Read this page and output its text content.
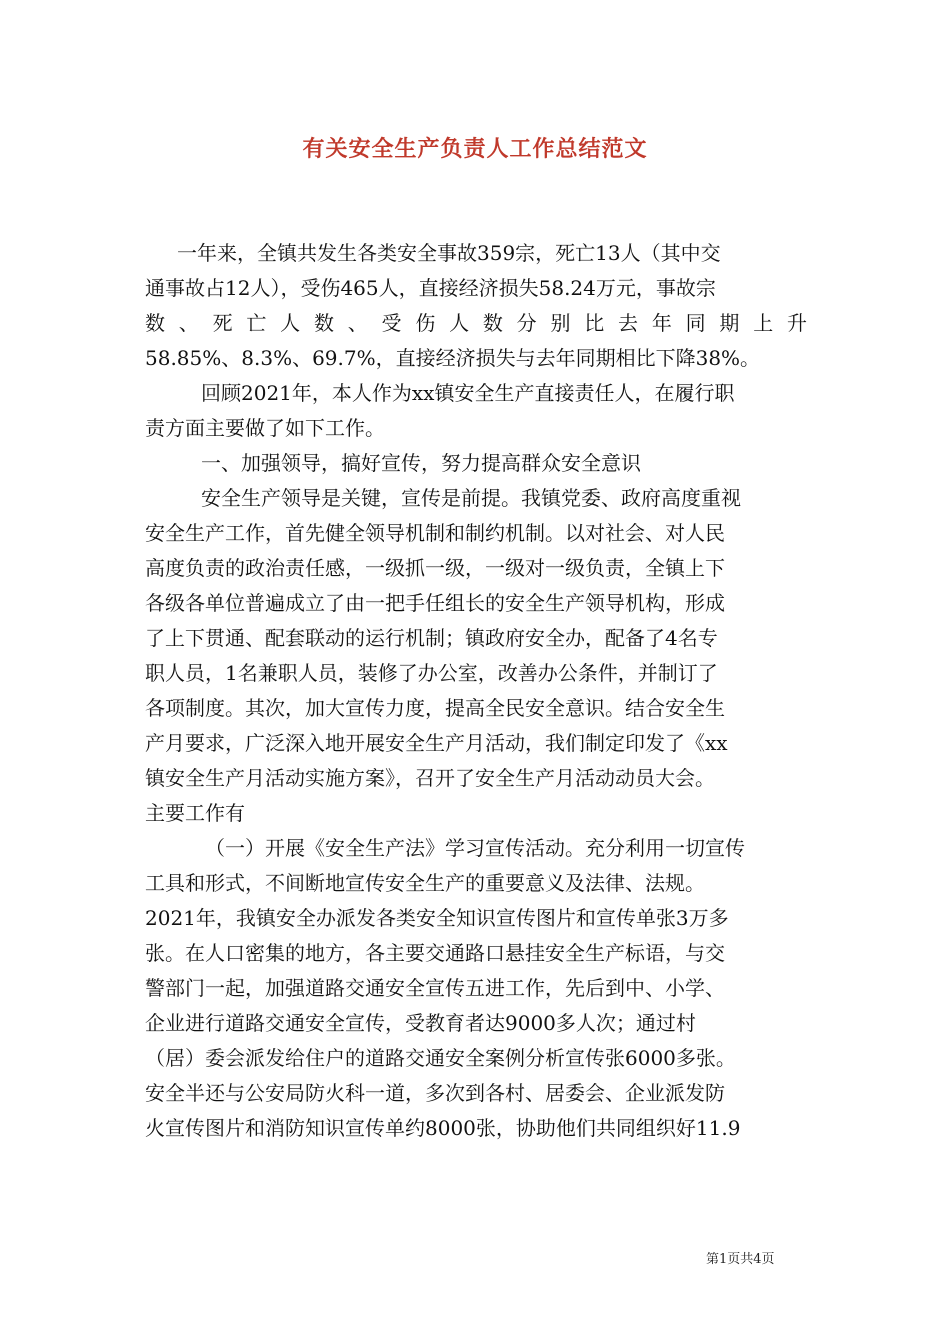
有关安全生产负责人工作总结范文
一年来，全镇共发生各类安全事故359宗，死亡13人（其中交
通事故占12人），受伤465人，直接经济损失58.24万元，事故宗
数、死亡人数、受伤人数分别比去年同期上升
58.85%、8.3%、69.7%，直接经济损失与去年同期相比下降38%。
回顾2021年，本人作为xx镇安全生产直接责任人，在履行职
责方面主要做了如下工作。
一、加强领导，搞好宣传，努力提高群众安全意识
安全生产领导是关键，宣传是前提。我镇党委、政府高度重视
安全生产工作，首先健全领导机制和制约机制。以对社会、对人民
高度负责的政治责任感，一级抓一级，一级对一级负责，全镇上下
各级各单位普遍成立了由一把手任组长的安全生产领导机构，形成
了上下贯通、配套联动的运行机制；镇政府安全办，配备了4名专
职人员，1名兼职人员，装修了办公室，改善办公条件，并制订了
各项制度。其次，加大宣传力度，提高全民安全意识。结合安全生
产月要求，广泛深入地开展安全生产月活动，我们制定印发了《xx
镇安全生产月活动实施方案》，召开了安全生产月活动动员大会。
主要工作有
（一）开展《安全生产法》学习宣传活动。充分利用一切宣传
工具和形式，不间断地宣传安全生产的重要意义及法律、法规。
2021年，我镇安全办派发各类安全知识宣传图片和宣传单张3万多
张。在人口密集的地方，各主要交通路口悬挂安全生产标语，与交
警部门一起，加强道路交通安全宣传五进工作，先后到中、小学、
企业进行道路交通安全宣传，受教育者达9000多人次；通过村
（居）委会派发给住户的道路交通安全案例分析宣传张6000多张。
安全半还与公安局防火科一道，多次到各村、居委会、企业派发防
火宣传图片和消防知识宣传单约8000张，协助他们共同组织好11.9
第1页共4页
